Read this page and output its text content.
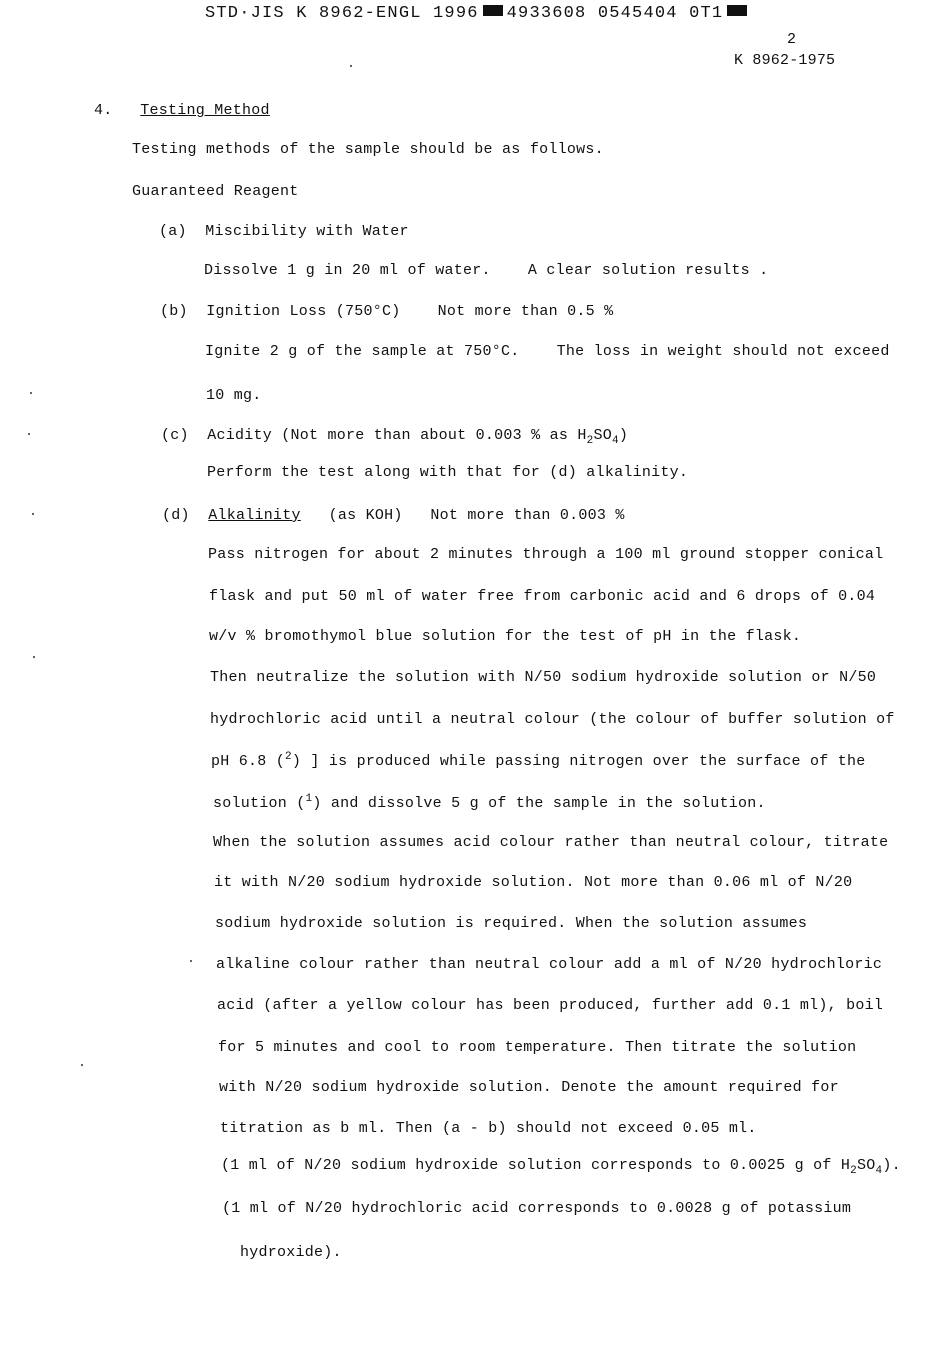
STD·JIS K 8962-ENGL 1996 4933608 0545404 0T1
2
K 8962-1975
4. Testing Method
Testing methods of the sample should be as follows.
Guaranteed Reagent
(a) Miscibility with Water
Dissolve 1 g in 20 ml of water. A clear solution results .
(b) Ignition Loss (750°C) Not more than 0.5 %
Ignite 2 g of the sample at 750°C. The loss in weight should not exceed
10 mg.
(c) Acidity (Not more than about 0.003 % as $H_2SO_4$)
Perform the test along with that for (d) alkalinity.
(d) Alkalinity (as KOH) Not more than 0.003 %
Pass nitrogen for about 2 minutes through a 100 ml ground stopper conical
flask and put 50 ml of water free from carbonic acid and 6 drops of 0.04
w/v % bromothymol blue solution for the test of pH in the flask.
Then neutralize the solution with N/50 sodium hydroxide solution or N/50
hydrochloric acid until a neutral colour (the colour of buffer solution of
pH 6.8 ($^2$) ] is produced while passing nitrogen over the surface of the
solution ($^1$) and dissolve 5 g of the sample in the solution.
When the solution assumes acid colour rather than neutral colour, titrate
it with N/20 sodium hydroxide solution. Not more than 0.06 ml of N/20
sodium hydroxide solution is required. When the solution assumes
alkaline colour rather than neutral colour add a ml of N/20 hydrochloric
acid (after a yellow colour has been produced, further add 0.1 ml), boil
for 5 minutes and cool to room temperature. Then titrate the solution
with N/20 sodium hydroxide solution. Denote the amount required for
titration as b ml. Then (a - b) should not exceed 0.05 ml.
(1 ml of N/20 sodium hydroxide solution corresponds to 0.0025 g of $H_2SO_4$).
(1 ml of N/20 hydrochloric acid corresponds to 0.0028 g of potassium
hydroxide).
